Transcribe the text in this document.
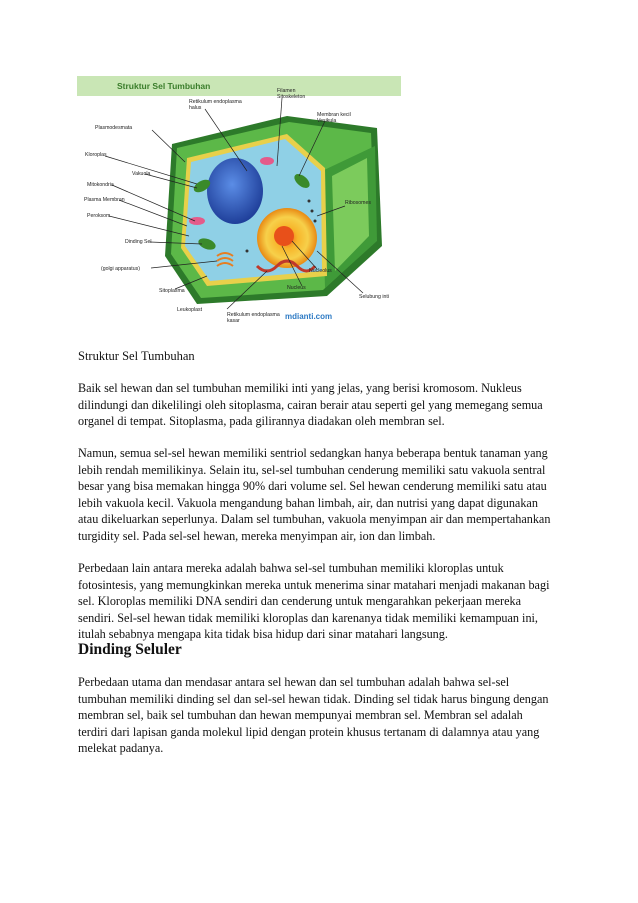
Struktur Sel Tumbuhan
Plasmodesmata
Kloroplas
Vakuola
Mitokondria
Plasma Membran
Peroksom
Dinding Sel
(golgi apparatus)
Sitoplasma
Leukoplast
Retikulum endoplasma
kasar
Retikulum endoplasma
halus
Filamen
Sitoskeleton
Membran kecil
Vesikula
Ribosomes
Nucleolus
Nucleus
Selubung inti
mdianti.com
Struktur Sel Tumbuhan

Baik sel hewan dan sel tumbuhan memiliki inti yang jelas, yang berisi kromosom. Nukleus dilindungi dan dikelilingi oleh sitoplasma, cairan berair atau seperti gel yang memegang semua organel di tempat. Sitoplasma, pada gilirannya diadakan oleh membran sel.

Namun, semua sel-sel hewan memiliki sentriol sedangkan hanya beberapa bentuk tanaman yang lebih rendah memilikinya. Selain itu, sel-sel tumbuhan cenderung memiliki satu vakuola sentral besar yang bisa memakan hingga 90% dari volume sel. Sel hewan cenderung memiliki satu atau lebih vakuola kecil. Vakuola mengandung bahan limbah, air, dan nutrisi yang dapat digunakan atau dikeluarkan seperlunya. Dalam sel tumbuhan, vakuola menyimpan air dan mempertahankan turgidity sel. Pada sel-sel hewan, mereka menyimpan air, ion dan limbah.

Perbedaan lain antara mereka adalah bahwa sel-sel tumbuhan memiliki kloroplas untuk fotosintesis, yang memungkinkan mereka untuk menerima sinar matahari menjadi makanan bagi sel. Kloroplas memiliki DNA sendiri dan cenderung untuk mengarahkan pekerjaan mereka sendiri. Sel-sel hewan tidak memiliki kloroplas dan karenanya tidak memiliki kemampuan ini, itulah sebabnya mengapa kita tidak bisa hidup dari sinar matahari langsung.

Dinding Seluler

Perbedaan utama dan mendasar antara sel hewan dan sel tumbuhan adalah bahwa sel-sel tumbuhan memiliki dinding sel dan sel-sel hewan tidak. Dinding sel tidak harus bingung dengan membran sel, baik sel tumbuhan dan hewan mempunyai membran sel. Membran sel adalah terdiri dari lapisan ganda molekul lipid dengan protein khusus tertanam di dalamnya atau yang melekat padanya.
